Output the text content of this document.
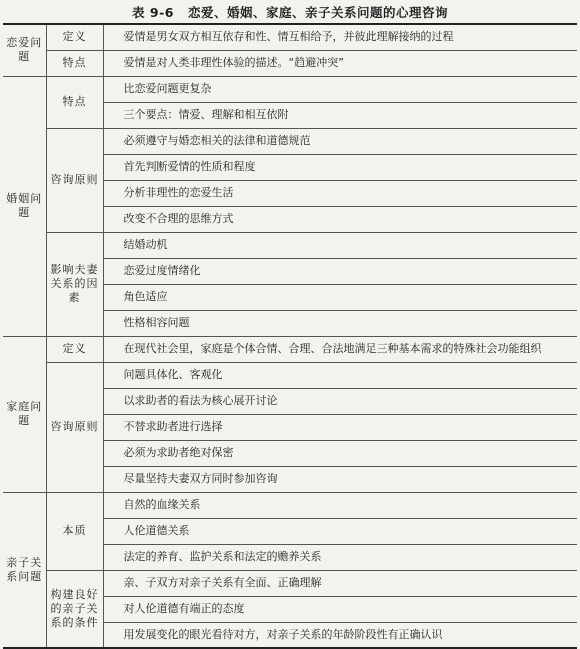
表 9-6 恋爱、婚姻、家庭、亲子关系问题的心理咨询
恋爱问题	定义	爱情是男女双方相互依存和性、情互相给予，并彼此理解接纳的过程
	特点	爱情是对人类非理性体验的描述。“趋避冲突”
婚姻问题	特点	比恋爱问题更复杂
		三个要点：情爱、理解和相互依附
	咨询原则	必须遵守与婚恋相关的法律和道德规范
		首先判断爱情的性质和程度
		分析非理性的恋爱生活
		改变不合理的思维方式
	影响夫妻关系的因素	结婚动机
		恋爱过度情绪化
		角色适应
		性格相容问题
家庭问题	定义	在现代社会里，家庭是个体合情、合理、合法地满足三种基本需求的特殊社会功能组织
	咨询原则	问题具体化、客观化
		以求助者的看法为核心展开讨论
		不替求助者进行选择
		必须为求助者绝对保密
		尽量坚持夫妻双方同时参加咨询
亲子关系问题	本质	自然的血缘关系
		人伦道德关系
		法定的养育、监护关系和法定的赡养关系
	构建良好的亲子关系的条件	亲、子双方对亲子关系有全面、正确理解
		对人伦道德有端正的态度
		用发展变化的眼光看待对方，对亲子关系的年龄阶段性有正确认识
